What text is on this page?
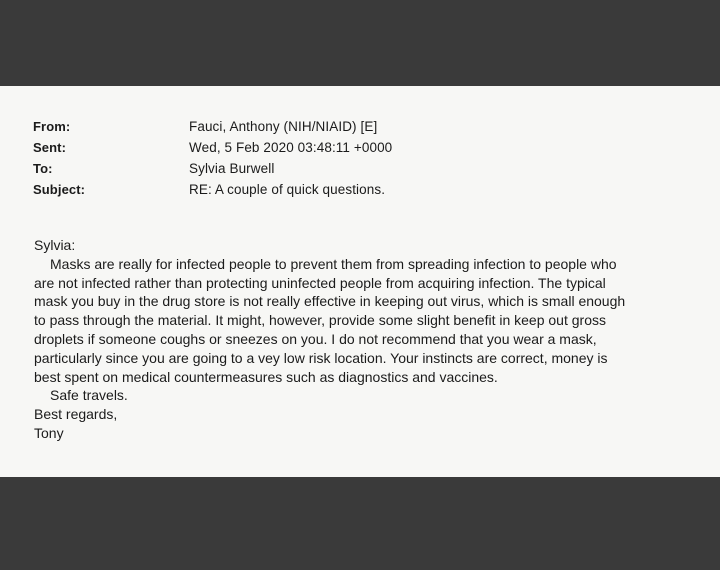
From:	Fauci, Anthony (NIH/NIAID) [E]
Sent:	Wed, 5 Feb 2020 03:48:11 +0000
To:	Sylvia Burwell
Subject:	RE: A couple of quick questions.

Sylvia:

Masks are really for infected people to prevent them from spreading infection to people who

are not infected rather than protecting uninfected people from acquiring infection. The typical

mask you buy in the drug store is not really effective in keeping out virus, which is small enough

to pass through the material. It might, however, provide some slight benefit in keep out gross

droplets if someone coughs or sneezes on you. I do not recommend that you wear a mask,

particularly since you are going to a vey low risk location. Your instincts are correct, money is

best spent on medical countermeasures such as diagnostics and vaccines.

Safe travels.

Best regards,

Tony
